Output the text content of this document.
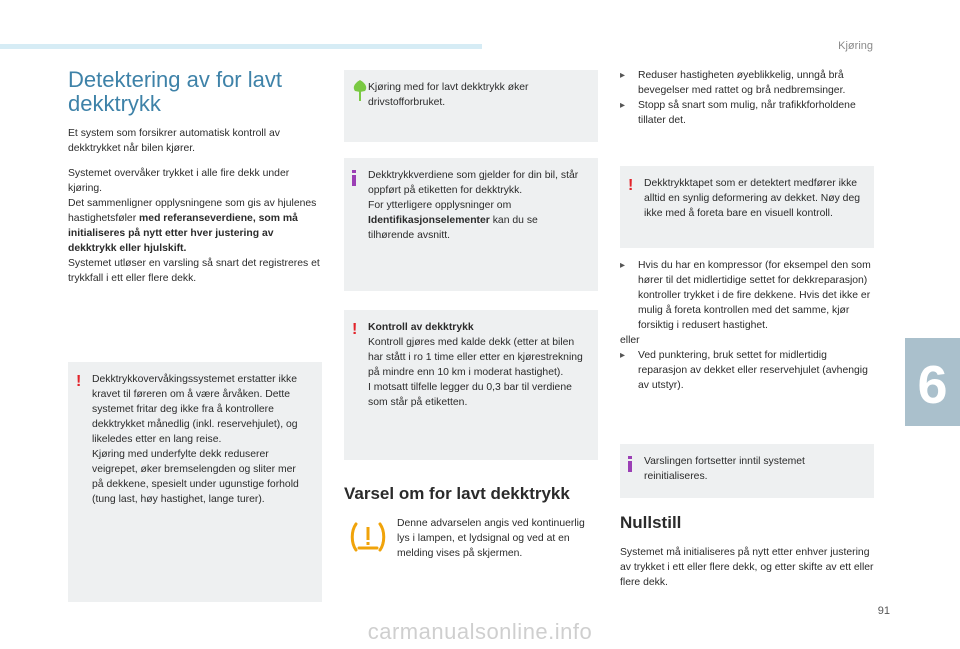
Kjøring
6
Detektering av for lavt
dekktrykk

Et system som forsikrer automatisk kontroll av dekktrykket når bilen kjører.

Systemet overvåker trykket i alle fire dekk under kjøring.
Det sammenligner opplysningene som gis av hjulenes hastighetsføler med referanseverdiene, som må initialiseres på nytt etter hver justering av dekktrykk eller hjulskift.
Systemet utløser en varsling så snart det registreres et trykkfall i ett eller flere dekk.

! Dekktrykkovervåkingssystemet erstatter ikke kravet til føreren om å være årvåken. Dette systemet fritar deg ikke fra å kontrollere dekktrykket månedlig (inkl. reservehjulet), og likeledes etter en lang reise.

Kjøring med underfylte dekk reduserer veigrepet, øker bremselengden og sliter mer på dekkene, spesielt under ugunstige forhold (tung last, høy hastighet, lange turer).

Kjøring med for lavt dekktrykk øker drivstofforbruket.

Dekktrykkverdiene som gjelder for din bil, står oppført på etiketten for dekktrykk.
For ytterligere opplysninger om Identifikasjonselementer kan du se tilhørende avsnitt.

! Kontroll av dekktrykk
Kontroll gjøres med kalde dekk (etter at bilen har stått i ro 1 time eller etter en kjørestrekning på mindre enn 10 km i moderat hastighet).
I motsatt tilfelle legger du 0,3 bar til verdiene som står på etiketten.

Varsel om for lavt dekktrykk

Denne advarselen angis ved kontinuerlig lys i lampen, et lydsignal og ved at en melding vises på skjermen.

▸ Reduser hastigheten øyeblikkelig, unngå brå bevegelser med rattet og brå nedbremsinger.
▸ Stopp så snart som mulig, når trafikkforholdene tillater det.
! Dekktrykktapet som er detektert medfører ikke alltid en synlig deformering av dekket. Nøy deg ikke med å foreta bare en visuell kontroll.

▸ Hvis du har en kompressor (for eksempel den som hører til det midlertidige settet for dekkreparasjon) kontroller trykket i de fire dekkene. Hvis det ikke er mulig å foreta kontrollen med det samme, kjør forsiktig i redusert hastighet.
eller
▸ Ved punktering, bruk settet for midlertidig reparasjon av dekket eller reservehjulet (avhengig av utstyr).

Varslingen fortsetter inntil systemet reinitialiseres.

Nullstill

Systemet må initialiseres på nytt etter enhver justering av trykket i ett eller flere dekk, og etter skifte av ett eller flere dekk.

91
carmanualsonline.info
